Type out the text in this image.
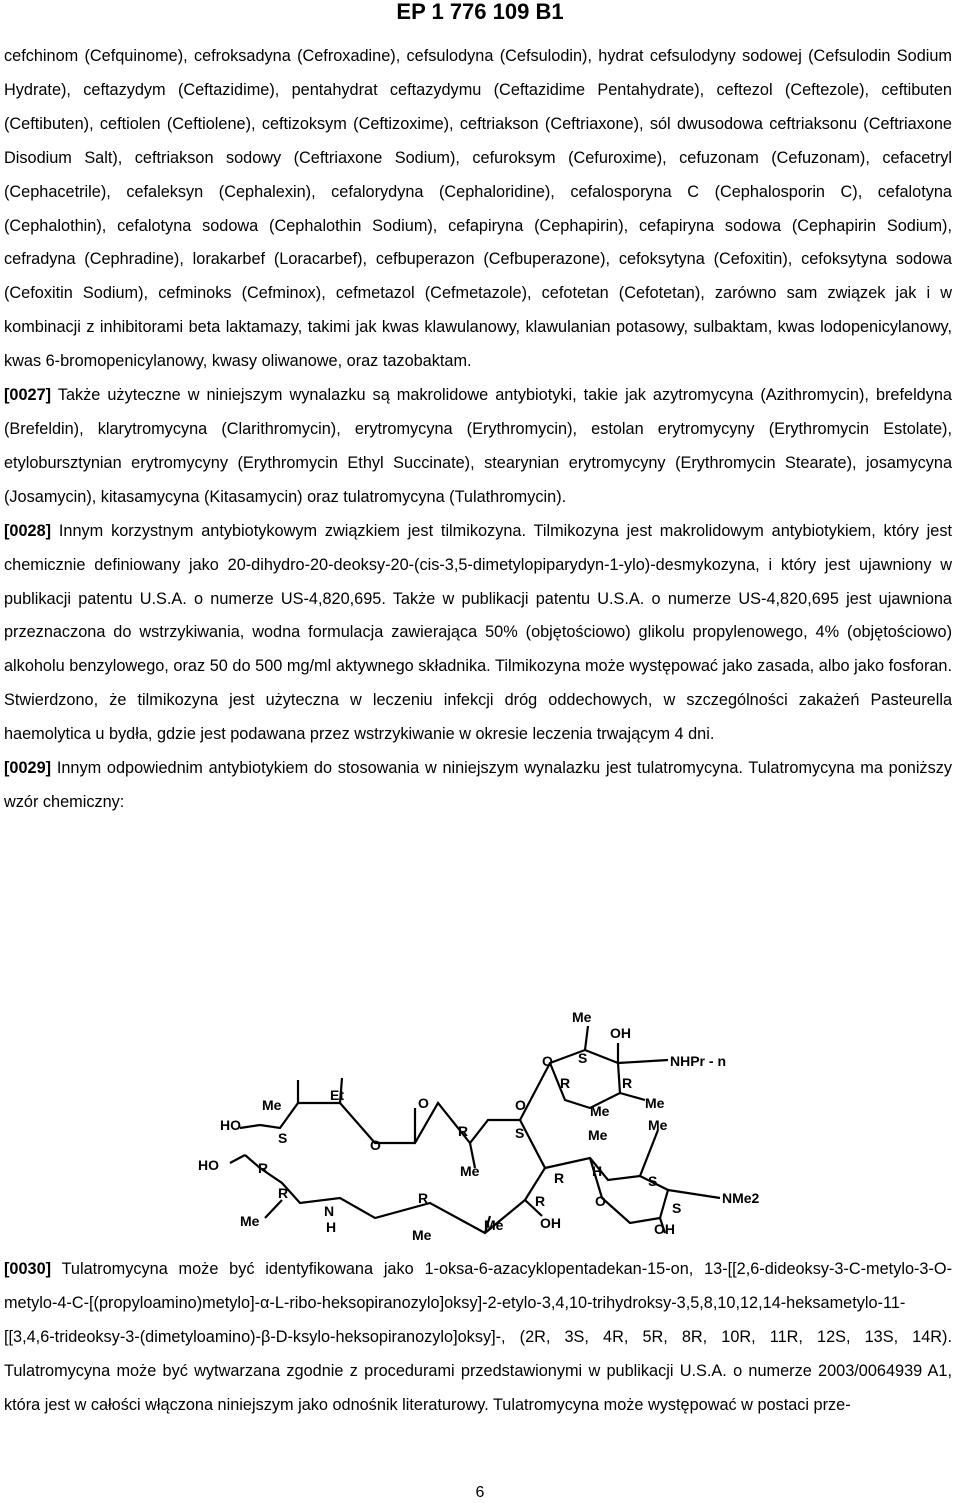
EP 1 776 109 B1

cefchinom (Cefquinome), cefroksadyna (Cefroxadine), cefsulodyna (Cefsulodin), hydrat cefsulodyny sodowej (Cefsulodin Sodium Hydrate), ceftazydym (Ceftazidime), pentahydrat ceftazydymu (Ceftazidime Pentahydrate), ceftezol (Ceftezole), ceftibuten (Ceftibuten), ceftiolen (Ceftiolene), ceftizoksym (Ceftizoxime), ceftriakson (Ceftriaxone), sól dwusodowa ceftriaksonu (Ceftriaxone Disodium Salt), ceftriakson sodowy (Ceftriaxone Sodium), cefuroksym (Cefuroxime), cefuzonam (Cefuzonam), cefacetryl (Cephacetrile), cefaleksyn (Cephalexin), cefalorydyna (Cephaloridine), cefalosporyna C (Cephalosporin C), cefalotyna (Cephalothin), cefalotyna sodowa (Cephalothin Sodium), cefapiryna (Cephapirin), cefapiryna sodowa (Cephapirin Sodium), cefradyna (Cephradine), lorakarbef (Loracarbef), cefbuperazon (Cefbuperazone), cefoksytyna (Cefoxitin), cefoksytyna sodowa (Cefoxitin Sodium), cefminoks (Cefminox), cefmetazol (Cefmetazole), cefotetan (Cefotetan), zarówno sam związek jak i w kombinacji z inhibitorami beta laktamazy, takimi jak kwas klawulanowy, klawulanian potasowy, sulbaktam, kwas lodopenicylanowy, kwas 6-bromopenicylanowy, kwasy oliwanowe, oraz tazobaktam.

[0027] Także użyteczne w niniejszym wynalazku są makrolidowe antybiotyki, takie jak azytromycyna (Azithromycin), brefeldyna (Brefeldin), klarytromycyna (Clarithromycin), erytromycyna (Erythromycin), estolan erytromycyny (Erythromycin Estolate), etylobursztynian erytromycyny (Erythromycin Ethyl Succinate), stearynian erytromycyny (Erythromycin Stearate), josamycyna (Josamycin), kitasamycyna (Kitasamycin) oraz tulatromycyna (Tulathromycin).

[0028] Innym korzystnym antybiotykowym związkiem jest tilmikozyna. Tilmikozyna jest makrolidowym antybiotykiem, który jest chemicznie definiowany jako 20-dihydro-20-deoksy-20-(cis-3,5-dimetylopiparydyn-1-ylo)-desmykozyna, i który jest ujawniony w publikacji patentu U.S.A. o numerze US-4,820,695. Także w publikacji patentu U.S.A. o numerze US-4,820,695 jest ujawniona przeznaczona do wstrzykiwania, wodna formulacja zawierająca 50% (objętościowo) glikolu propylenowego, 4% (objętościowo) alkoholu benzylowego, oraz 50 do 500 mg/ml aktywnego składnika. Tilmikozyna może występować jako zasada, albo jako fosforan. Stwierdzono, że tilmikozyna jest użyteczna w leczeniu infekcji dróg oddechowych, w szczególności zakażeń Pasteurella haemolytica u bydła, gdzie jest podawana przez wstrzykiwanie w okresie leczenia trwającym 4 dni.

[0029] Innym odpowiednim antybiotykiem do stosowania w niniejszym wynalazku jest tulatromycyna. Tulatromycyna ma poniższy wzór chemiczny:

Me
OH
O S	NHPr - n
R	R
Me
Et	O	O	Me	Me
HO
S	O
R	S	Me
Me
HO	R	Me	R H
S
R	R	R	O	S
NMe2
N
Me	H	Me	OH
Me	OH

[0030] Tulatromycyna może być identyfikowana jako 1-oksa-6-azacyklopentadekan-15-on, 13-[[2,6-dideoksy-3-C-metylo-3-O-metylo-4-C-[(propyloamino)metylo]-α-L-ribo-heksopiranozylo]oksy]-2-etylo-3,4,10-trihydroksy-3,5,8,10,12,14-heksametylo-11-[[3,4,6-trideoksy-3-(dimetyloamino)-β-D-ksylo-heksopiranozylo]oksy]-, (2R, 3S, 4R, 5R, 8R, 10R, 11R, 12S, 13S, 14R). Tulatromycyna może być wytwarzana zgodnie z procedurami przedstawionymi w publikacji U.S.A. o numerze 2003/0064939 A1, która jest w całości włączona niniejszym jako odnośnik literaturowy. Tulatromycyna może występować w postaci prze-

6
